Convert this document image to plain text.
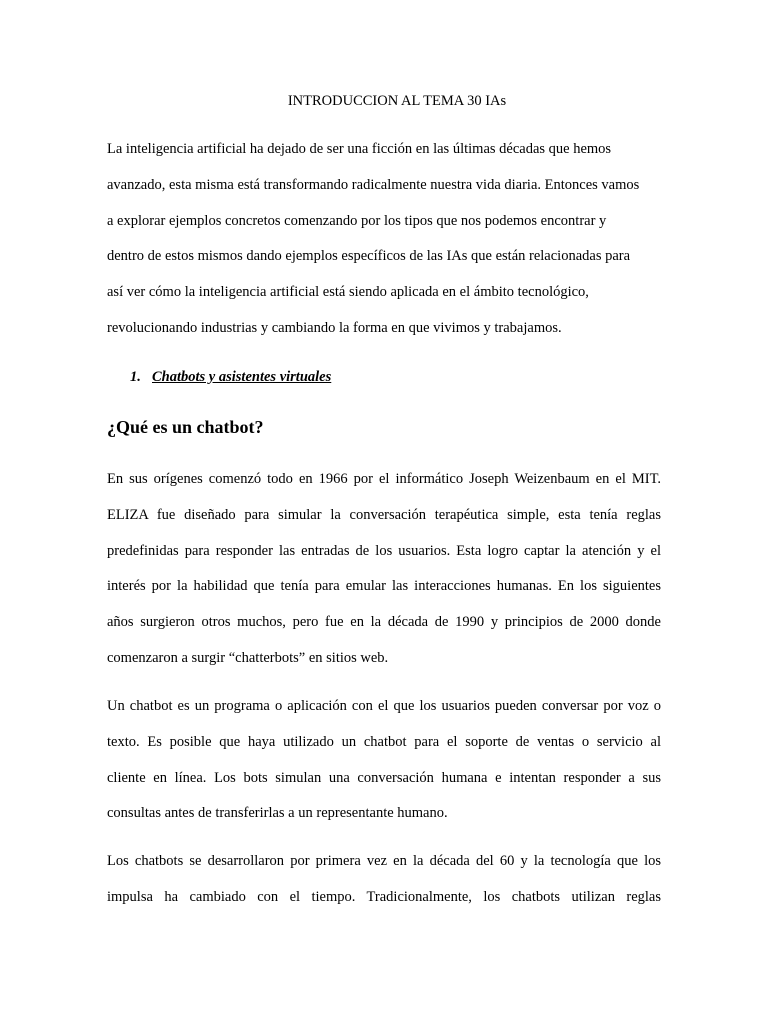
INTRODUCCION AL TEMA 30 IAs
La inteligencia artificial ha dejado de ser una ficción en las últimas décadas que hemos
avanzado, esta misma está transformando radicalmente nuestra vida diaria. Entonces vamos
a explorar ejemplos concretos comenzando por los tipos que nos podemos encontrar y
dentro de estos mismos dando ejemplos específicos de las IAs que están relacionadas para
así ver cómo la inteligencia artificial está siendo aplicada en el ámbito tecnológico,
revolucionando industrias y cambiando la forma en que vivimos y trabajamos.
1. Chatbots y asistentes virtuales
¿Qué es un chatbot?
En sus orígenes comenzó todo en 1966 por el informático Joseph Weizenbaum en el MIT.
ELIZA fue diseñado para simular la conversación terapéutica simple, esta tenía reglas
predefinidas para responder las entradas de los usuarios. Esta logro captar la atención y el
interés por la habilidad que tenía para emular las interacciones humanas. En los siguientes
años surgieron otros muchos, pero fue en la década de 1990 y principios de 2000 donde
comenzaron a surgir “chatterbots” en sitios web.
Un chatbot es un programa o aplicación con el que los usuarios pueden conversar por voz o
texto. Es posible que haya utilizado un chatbot para el soporte de ventas o servicio al
cliente en línea. Los bots simulan una conversación humana e intentan responder a sus
consultas antes de transferirlas a un representante humano.
Los chatbots se desarrollaron por primera vez en la década del 60 y la tecnología que los
impulsa ha cambiado con el tiempo. Tradicionalmente, los chatbots utilizan reglas
